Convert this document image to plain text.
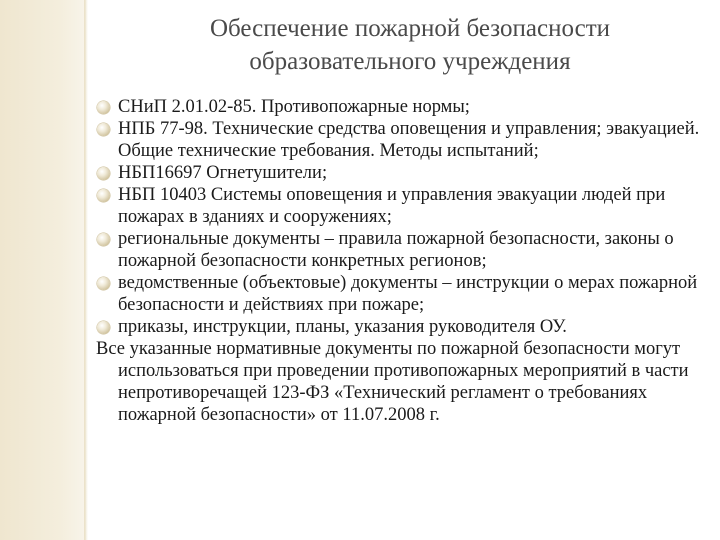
Обеспечение пожарной безопасности
образовательного учреждения
СНиП 2.01.02-85. Противопожарные нормы;
НПБ 77-98. Технические средства оповещения и управления; эвакуацией. Общие технические требования. Методы испытаний;
НБП16697 Огнетушители;
НБП 10403 Системы оповещения и управления эвакуации людей при пожарах в зданиях и сооружениях;
региональные документы – правила пожарной безопасности, законы о пожарной безопасности конкретных регионов;
ведомственные (объектовые) документы – инструкции о мерах пожарной безопасности и действиях при пожаре;
приказы, инструкции, планы, указания руководителя ОУ.

Все указанные нормативные документы по пожарной безопасности могут использоваться при проведении противопожарных мероприятий в части непротиворечащей 123-ФЗ «Технический регламент о требованиях пожарной безопасности» от 11.07.2008 г.
